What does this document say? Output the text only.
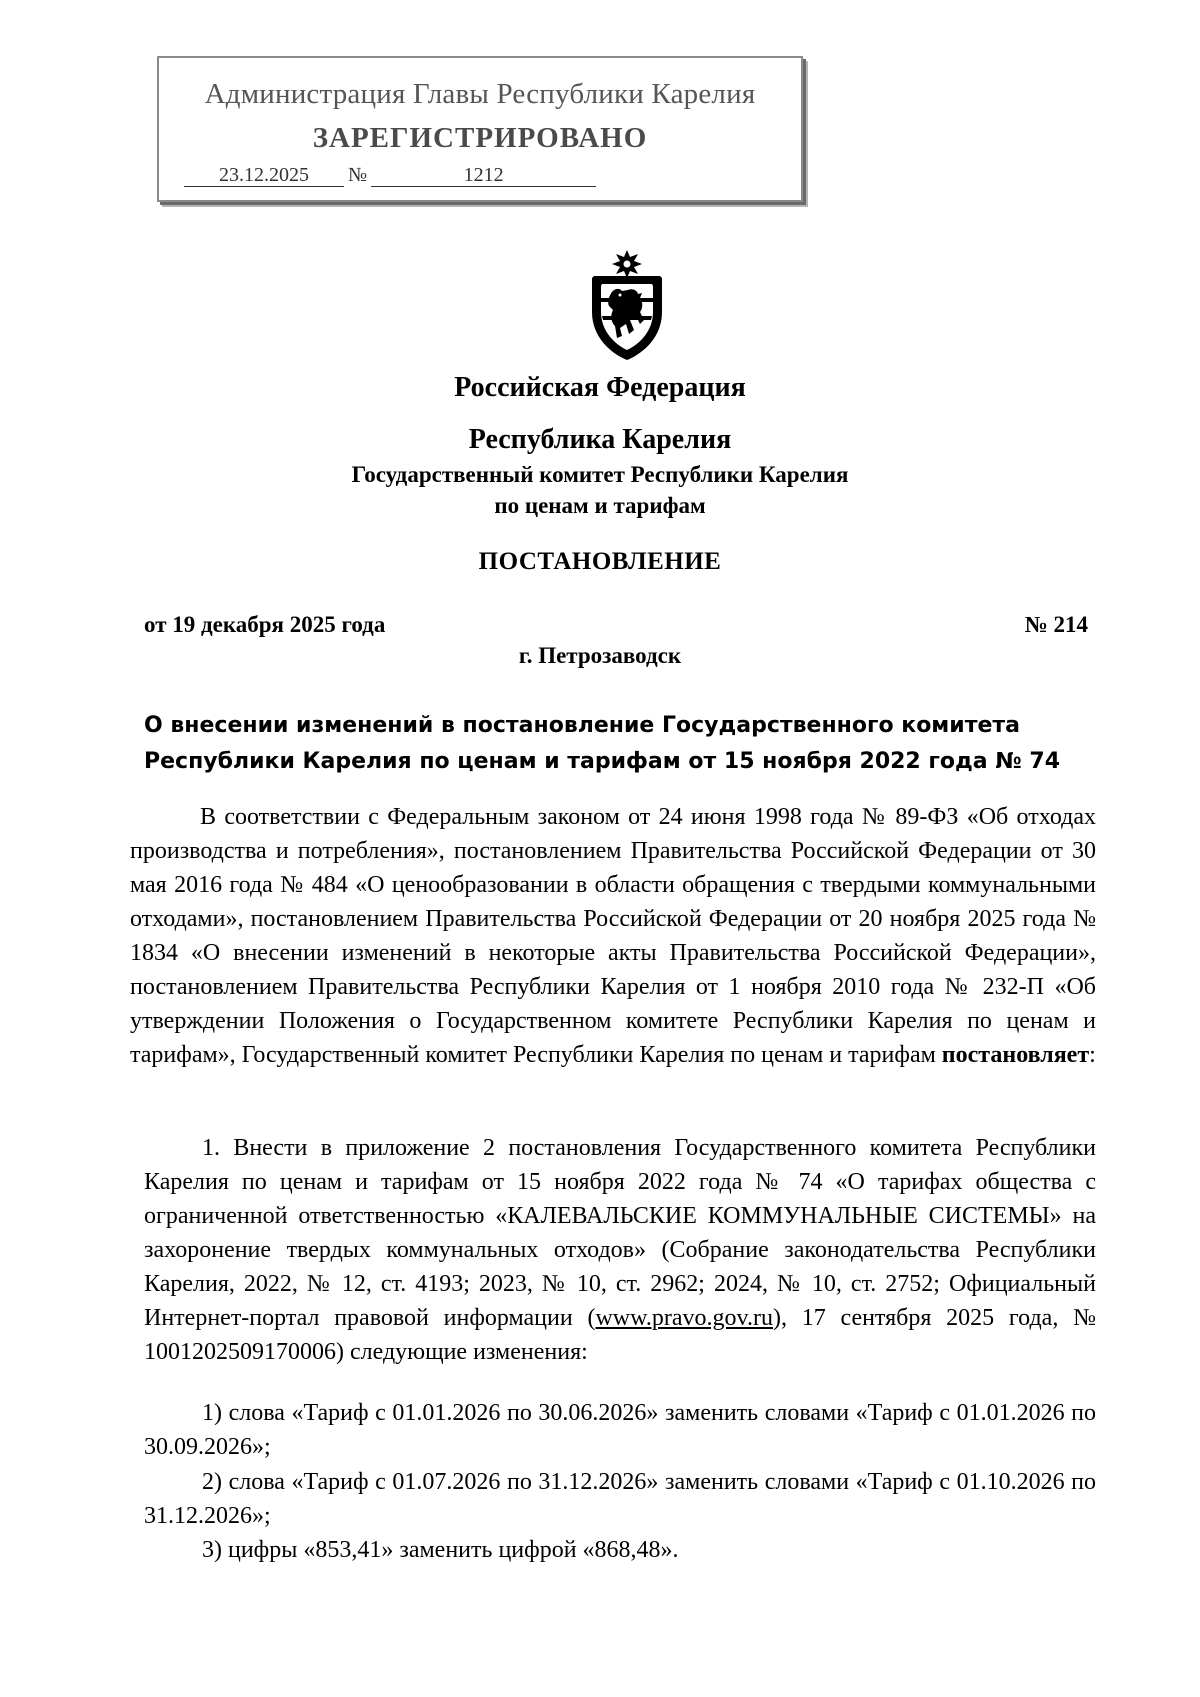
Администрация Главы Республики Карелия
ЗАРЕГИСТРИРОВАНО
23.12.2025 №	1212
Российская Федерация
Республика Карелия
Государственный комитет Республики Карелия
по ценам и тарифам
ПОСТАНОВЛЕНИЕ
от 19 декабря 2025 года	№ 214
г. Петрозаводск
О внесении изменений в постановление Государственного комитета
Республики Карелия по ценам и тарифам от 15 ноября 2022 года № 74
В соответствии с Федеральным законом от 24 июня 1998 года № 89-ФЗ «Об отходах производства и потребления», постановлением Правительства Российской Федерации от 30 мая 2016 года № 484 «О ценообразовании в области обращения с твердыми коммунальными отходами», постановлением Правительства Российской Федерации от 20 ноября 2025 года № 1834 «О внесении изменений в некоторые акты Правительства Российской Федерации», постановлением Правительства Республики Карелия от 1 ноября 2010 года № 232-П «Об утверждении Положения о Государственном комитете Республики Карелия по ценам и тарифам», Государственный комитет Республики Карелия по ценам и тарифам постановляет:
1. Внести в приложение 2 постановления Государственного комитета Республики Карелия по ценам и тарифам от 15 ноября 2022 года № 74 «О тарифах общества с ограниченной ответственностью «КАЛЕВАЛЬСКИЕ КОММУНАЛЬНЫЕ СИСТЕМЫ» на захоронение твердых коммунальных отходов» (Собрание законодательства Республики Карелия, 2022, № 12, ст. 4193; 2023, № 10, ст. 2962; 2024, № 10, ст. 2752; Официальный Интернет-портал правовой информации (www.pravo.gov.ru), 17 сентября 2025 года, № 1001202509170006) следующие изменения:
1) слова «Тариф с 01.01.2026 по 30.06.2026» заменить словами «Тариф с 01.01.2026 по 30.09.2026»;
2) слова «Тариф с 01.07.2026 по 31.12.2026» заменить словами «Тариф с 01.10.2026 по 31.12.2026»;
3) цифры «853,41» заменить цифрой «868,48».
